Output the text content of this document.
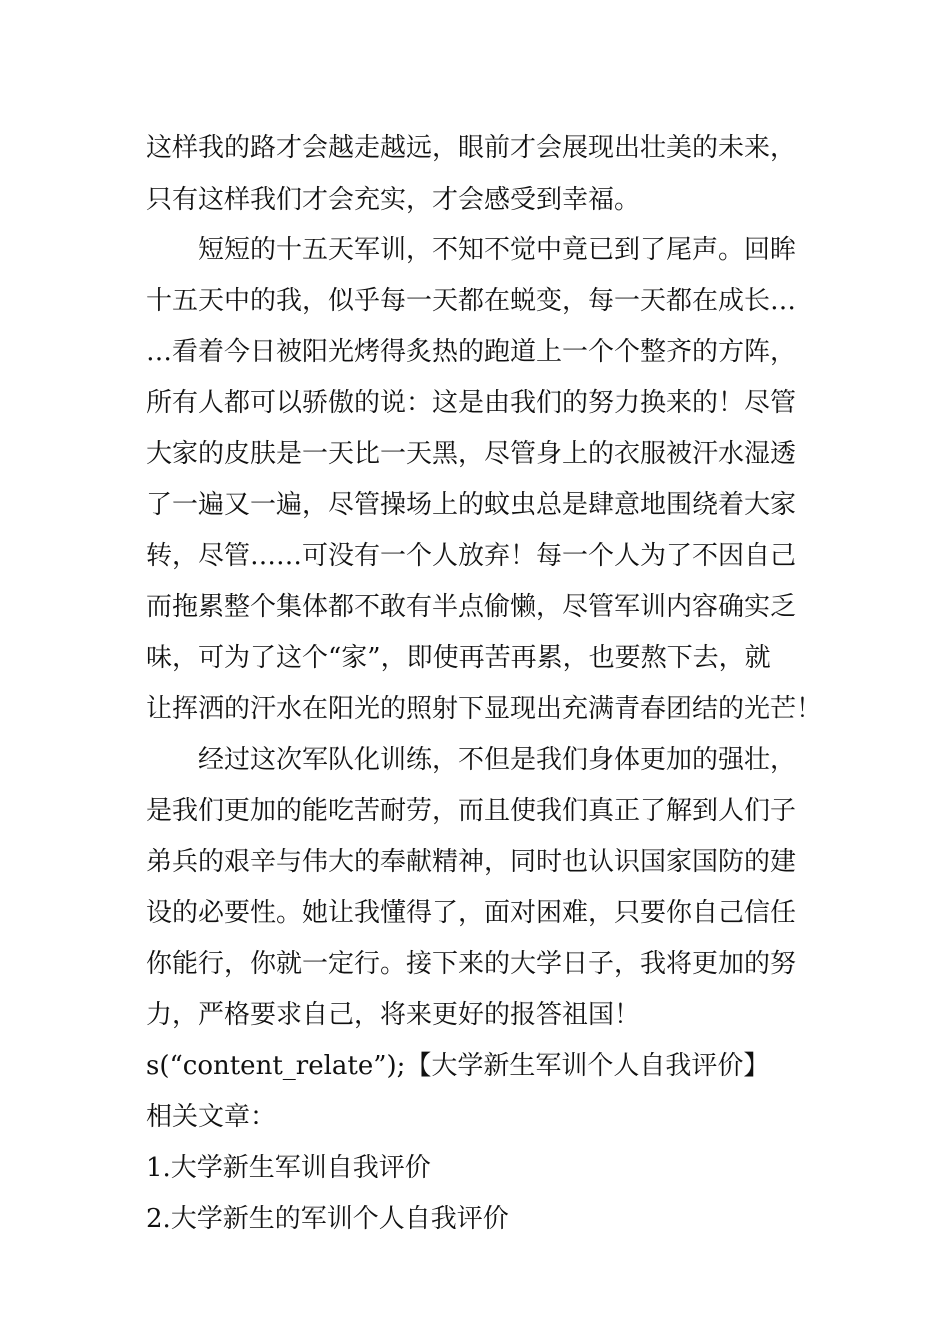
这样我的路才会越走越远，眼前才会展现出壮美的未来，
只有这样我们才会充实，才会感受到幸福。
短短的十五天军训，不知不觉中竟已到了尾声。回眸
十五天中的我，似乎每一天都在蜕变，每一天都在成长…
…看着今日被阳光烤得炙热的跑道上一个个整齐的方阵，
所有人都可以骄傲的说：这是由我们的努力换来的！尽管
大家的皮肤是一天比一天黑，尽管身上的衣服被汗水湿透
了一遍又一遍，尽管操场上的蚊虫总是肆意地围绕着大家
转，尽管……可没有一个人放弃！每一个人为了不因自己
而拖累整个集体都不敢有半点偷懒，尽管军训内容确实乏
味，可为了这个“家”，即使再苦再累，也要熬下去，就
让挥洒的汗水在阳光的照射下显现出充满青春团结的光芒！
经过这次军队化训练，不但是我们身体更加的强壮，
是我们更加的能吃苦耐劳，而且使我们真正了解到人们子
弟兵的艰辛与伟大的奉献精神，同时也认识国家国防的建
设的必要性。她让我懂得了，面对困难，只要你自己信任
你能行，你就一定行。接下来的大学日子，我将更加的努
力，严格要求自己，将来更好的报答祖国！
s(“content_relate”);【大学新生军训个人自我评价】
相关文章：
1.大学新生军训自我评价
2.大学新生的军训个人自我评价
